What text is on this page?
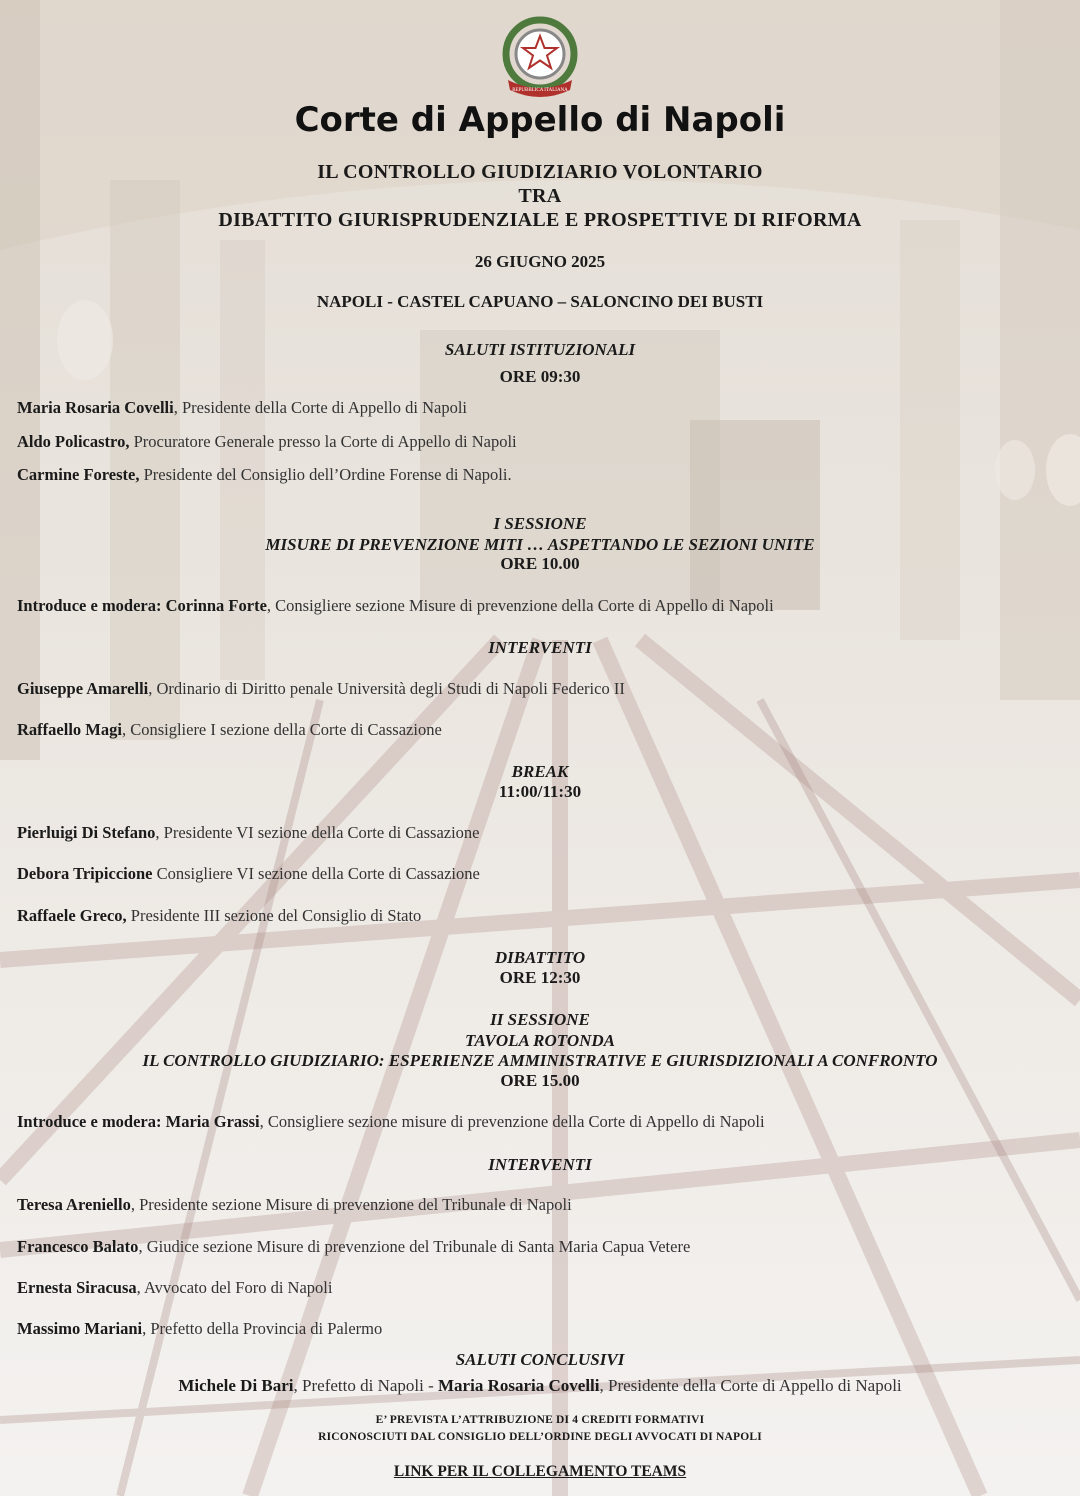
REPUBBLICA ITALIANA
Corte di Appello di Napoli
IL CONTROLLO GIUDIZIARIO VOLONTARIO
TRA
DIBATTITO GIURISPRUDENZIALE E PROSPETTIVE DI RIFORMA
26 GIUGNO 2025
NAPOLI - CASTEL CAPUANO – SALONCINO DEI BUSTI
SALUTI ISTITUZIONALI
ORE 09:30
Maria Rosaria Covelli, Presidente della Corte di Appello di Napoli
Aldo Policastro, Procuratore Generale presso la Corte di Appello di Napoli
Carmine Foreste, Presidente del Consiglio dell’Ordine Forense di Napoli.
I SESSIONE
MISURE DI PREVENZIONE MITI … ASPETTANDO LE SEZIONI UNITE
ORE 10.00
Introduce e modera: Corinna Forte, Consigliere sezione Misure di prevenzione della Corte di Appello di Napoli
INTERVENTI
Giuseppe Amarelli, Ordinario di Diritto penale Università degli Studi di Napoli Federico II
Raffaello Magi, Consigliere I sezione della Corte di Cassazione
BREAK
11:00/11:30
Pierluigi Di Stefano, Presidente VI sezione della Corte di Cassazione
Debora Tripiccione Consigliere VI sezione della Corte di Cassazione
Raffaele Greco, Presidente III sezione del Consiglio di Stato
DIBATTITO
ORE 12:30
II SESSIONE
TAVOLA ROTONDA
IL CONTROLLO GIUDIZIARIO: ESPERIENZE AMMINISTRATIVE E GIURISDIZIONALI A CONFRONTO
ORE 15.00
Introduce e modera: Maria Grassi, Consigliere sezione misure di prevenzione della Corte di Appello di Napoli
INTERVENTI
Teresa Areniello, Presidente sezione Misure di prevenzione del Tribunale di Napoli
Francesco Balato, Giudice sezione Misure di prevenzione del Tribunale di Santa Maria Capua Vetere
Ernesta Siracusa, Avvocato del Foro di Napoli
Massimo Mariani, Prefetto della Provincia di Palermo
SALUTI CONCLUSIVI
Michele Di Bari, Prefetto di Napoli - Maria Rosaria Covelli, Presidente della Corte di Appello di Napoli
E’ PREVISTA L’ATTRIBUZIONE DI 4 CREDITI FORMATIVI
RICONOSCIUTI DAL CONSIGLIO DELL’ORDINE DEGLI AVVOCATI DI NAPOLI
LINK PER IL COLLEGAMENTO TEAMS
